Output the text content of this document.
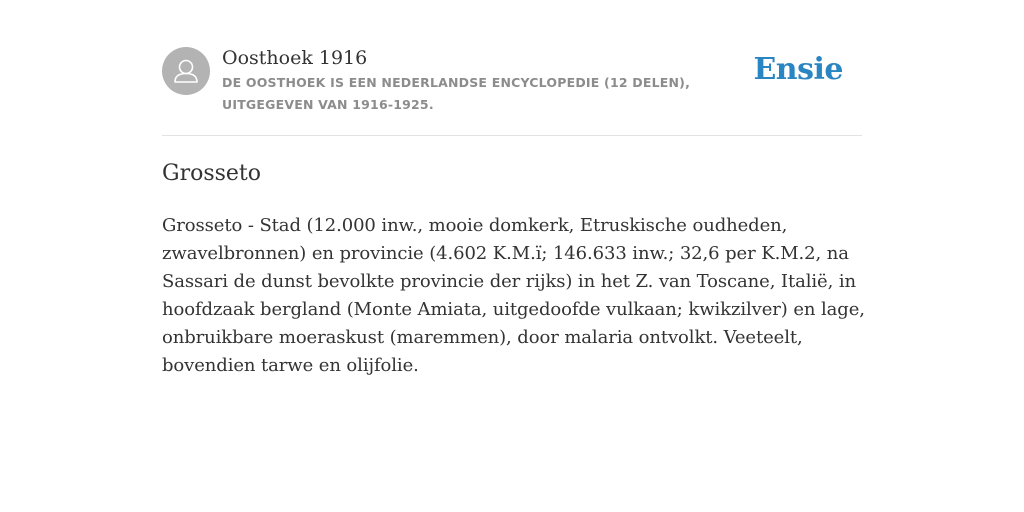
Oosthoek 1916
DE OOSTHOEK IS EEN NEDERLANDSE ENCYCLOPEDIE (12 DELEN), UITGEGEVEN VAN 1916-1925.
Ensie
Grosseto

Grosseto - Stad (12.000 inw., mooie domkerk, Etruskische oudheden, zwavelbronnen) en provincie (4.602 K.M.ï; 146.633 inw.; 32,6 per K.M.2, na Sassari de dunst bevolkte provincie der rijks) in het Z. van Toscane, Italië, in hoofdzaak bergland (Monte Amiata, uitgedoofde vulkaan; kwikzilver) en lage, onbruikbare moeraskust (maremmen), door malaria ontvolkt. Veeteelt, bovendien tarwe en olijfolie.
